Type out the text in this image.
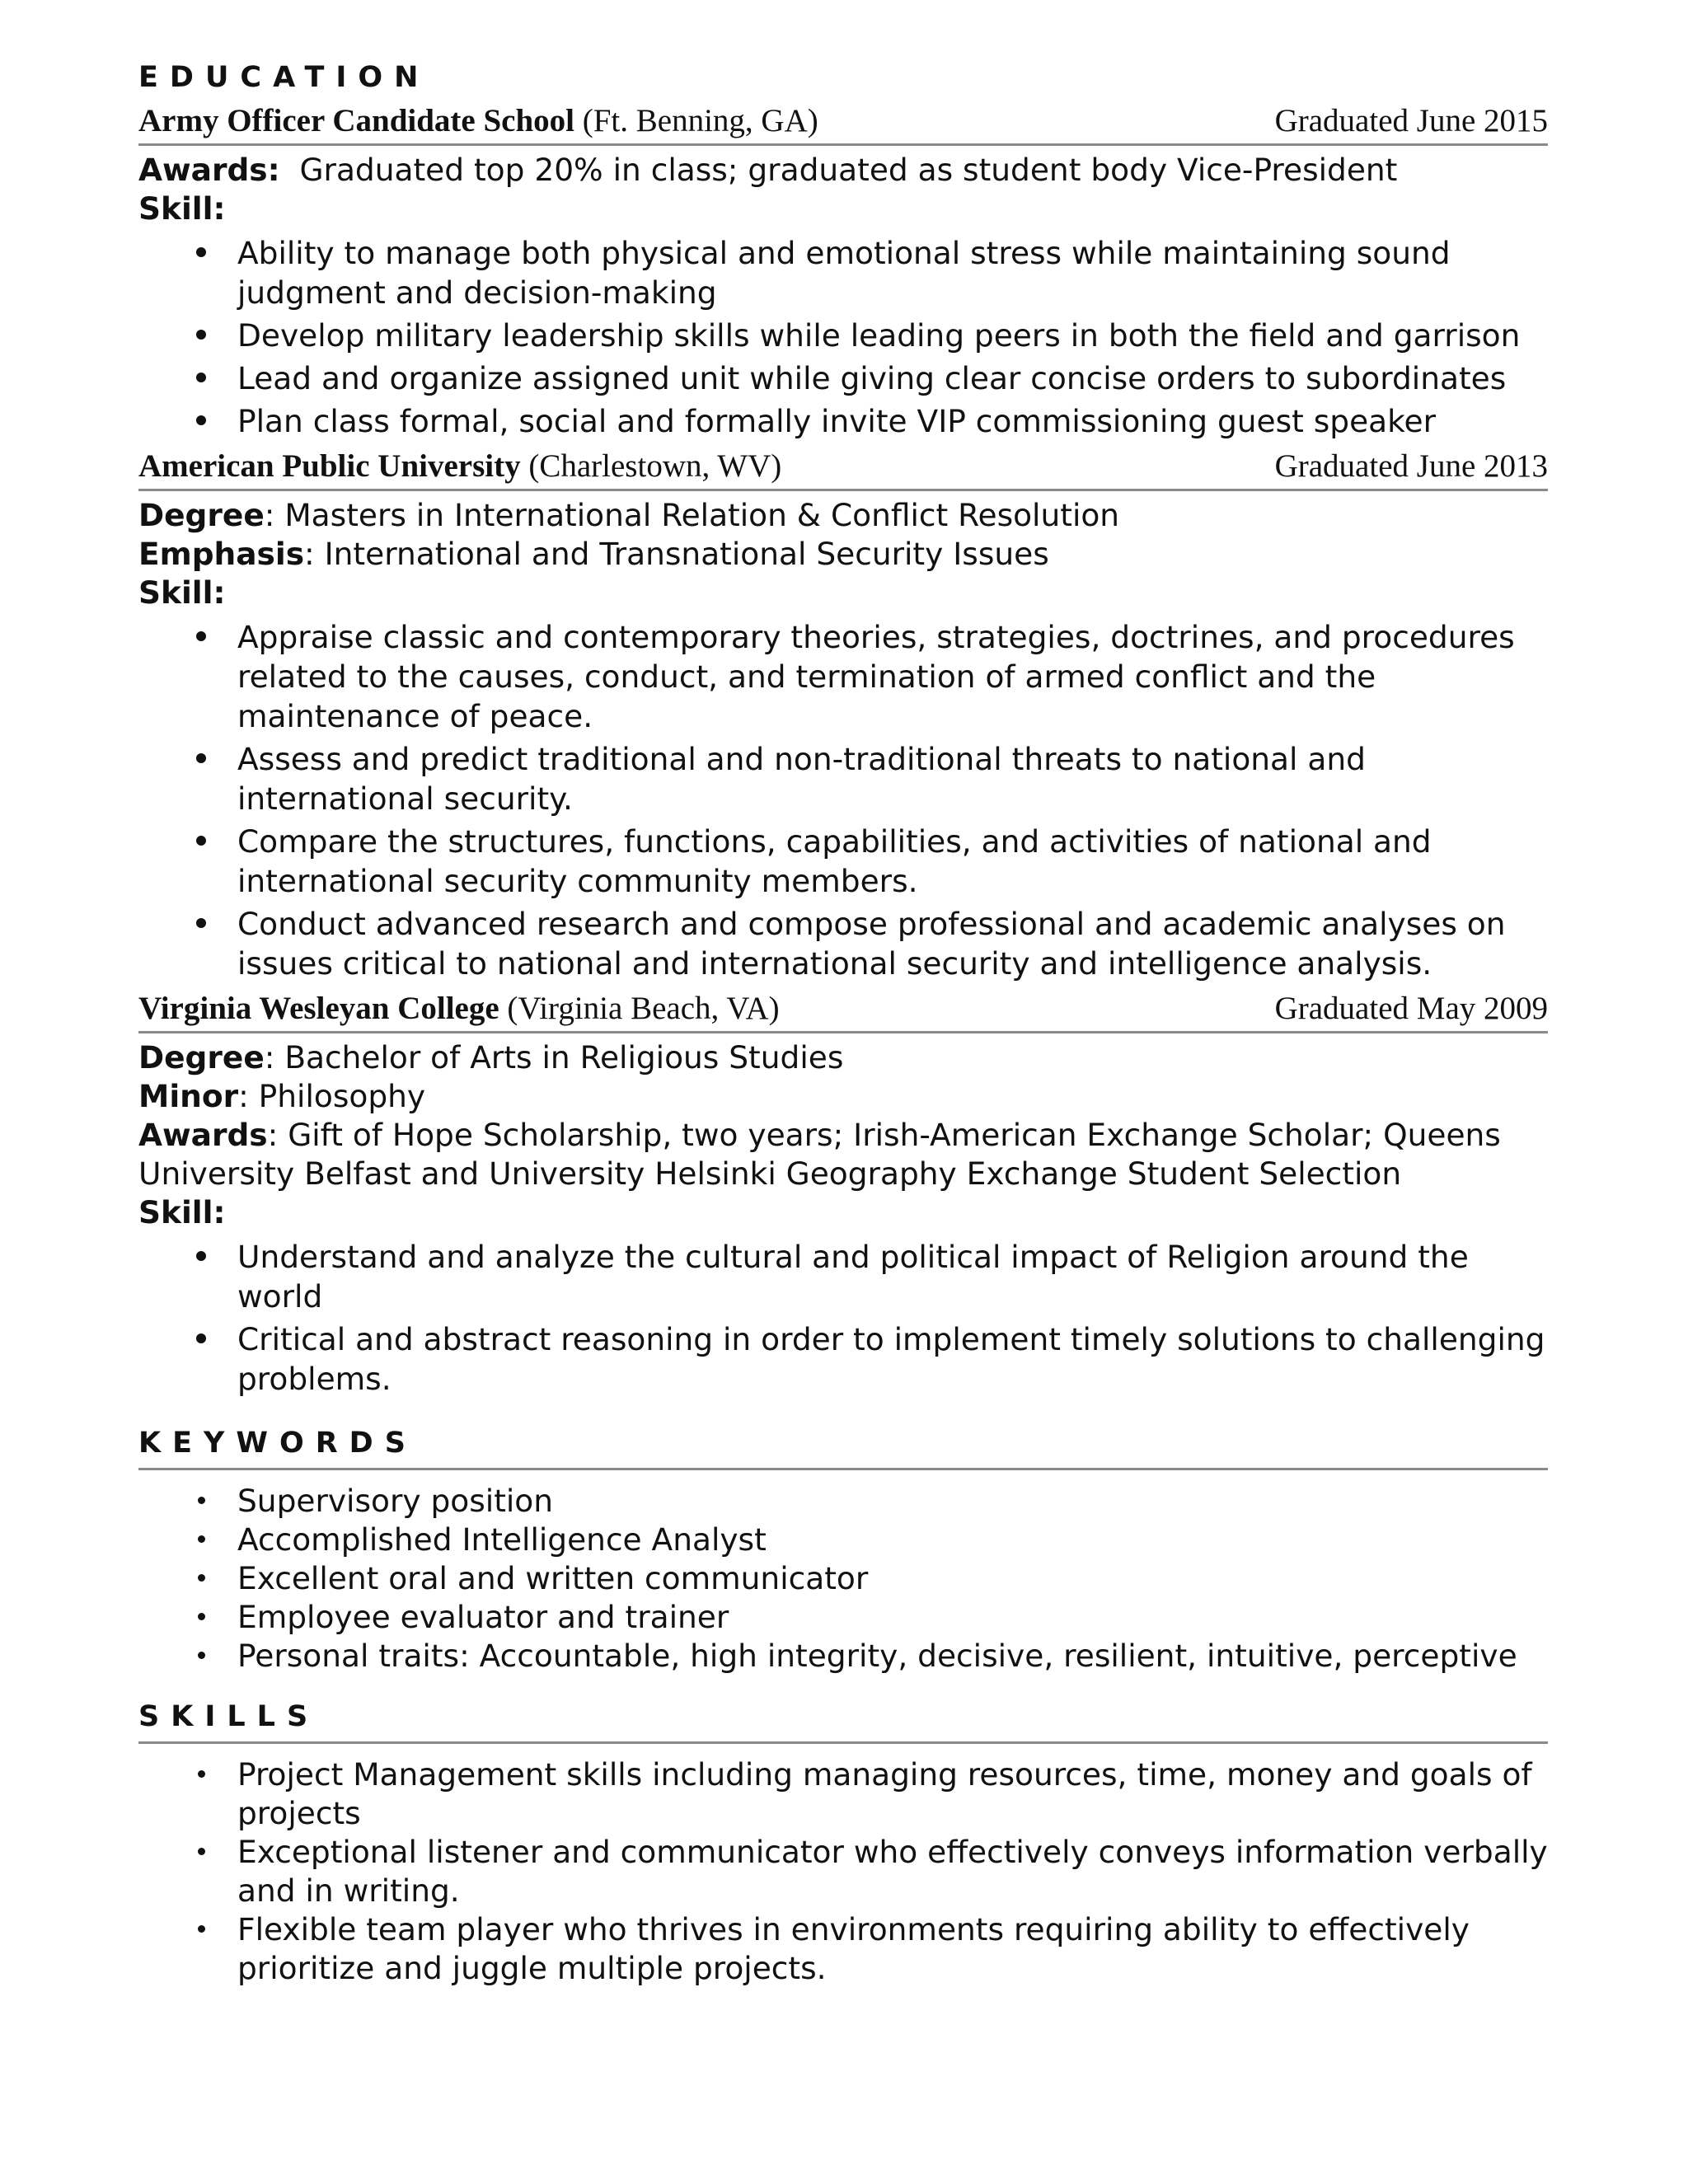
EDUCATION
Army Officer Candidate School (Ft. Benning, GA)	Graduated June 2015

Awards:  Graduated top 20% in class; graduated as student body Vice-President

Skill:

Ability to manage both physical and emotional stress while maintaining sound judgment and decision-making
Develop military leadership skills while leading peers in both the field and garrison
Lead and organize assigned unit while giving clear concise orders to subordinates
Plan class formal, social and formally invite VIP commissioning guest speaker
American Public University (Charlestown, WV)	Graduated June 2013

Degree: Masters in International Relation & Conflict Resolution

Emphasis: International and Transnational Security Issues

Skill:

Appraise classic and contemporary theories, strategies, doctrines, and procedures related to the causes, conduct, and termination of armed conflict and the maintenance of peace.
Assess and predict traditional and non-traditional threats to national and international security.
Compare the structures, functions, capabilities, and activities of national and international security community members.
Conduct advanced research and compose professional and academic analyses on issues critical to national and international security and intelligence analysis.
Virginia Wesleyan College (Virginia Beach, VA)	Graduated May 2009

Degree: Bachelor of Arts in Religious Studies

Minor: Philosophy

Awards: Gift of Hope Scholarship, two years; Irish-American Exchange Scholar; Queens University Belfast and University Helsinki Geography Exchange Student Selection

Skill:

Understand and analyze the cultural and political impact of Religion around the world
Critical and abstract reasoning in order to implement timely solutions to challenging problems.
KEYWORDS
Supervisory position
Accomplished Intelligence Analyst
Excellent oral and written communicator
Employee evaluator and trainer
Personal traits: Accountable, high integrity, decisive, resilient, intuitive, perceptive
SKILLS
Project Management skills including managing resources, time, money and goals of projects
Exceptional listener and communicator who effectively conveys information verbally and in writing.
Flexible team player who thrives in environments requiring ability to effectively prioritize and juggle multiple projects.
